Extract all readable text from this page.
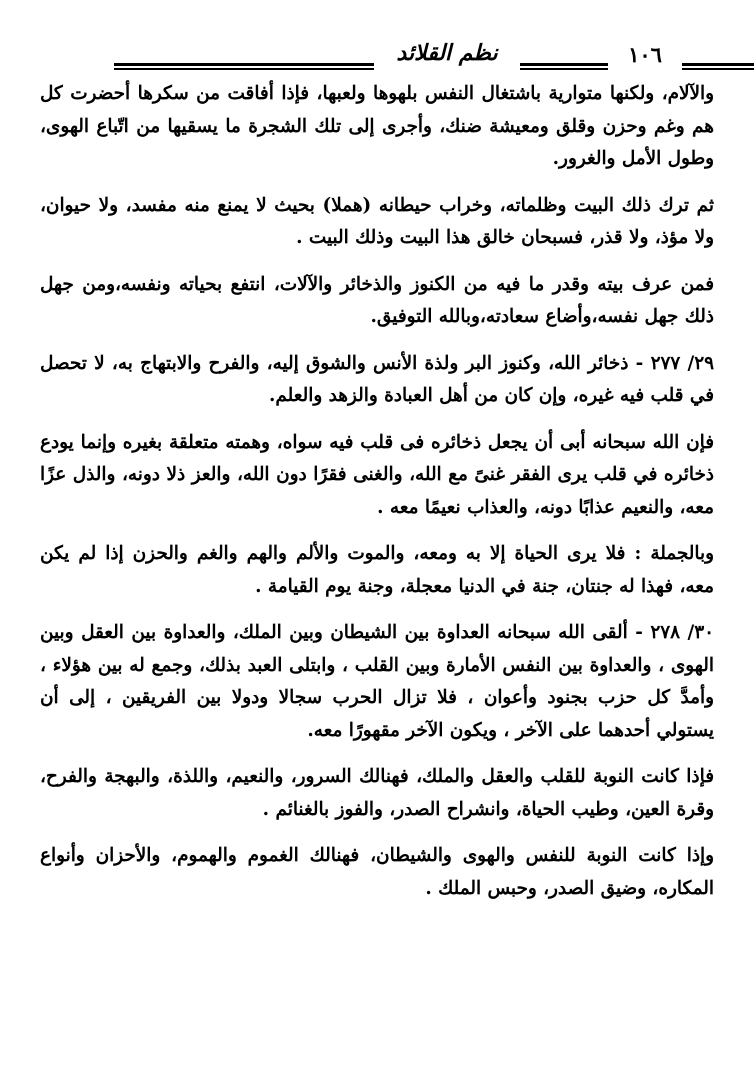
نظم القلائد	١٠٦

والآلام، ولكنها متوارية باشتغال النفس بلهوها ولعبها، فإذا أفاقت من سكرها أحضرت كل هم وغم وحزن وقلق ومعيشة ضنك، وأجرى إلى تلك الشجرة ما يسقيها من اتّباع الهوى، وطول الأمل والغرور.

ثم ترك ذلك البيت وظلماته، وخراب حيطانه (هملا) بحيث لا يمنع منه مفسد، ولا حيوان، ولا مؤذ، ولا قذر، فسبحان خالق هذا البيت وذلك البيت .

فمن عرف بيته وقدر ما فيه من الكنوز والذخائر والآلات، انتفع بحياته ونفسه،ومن جهل ذلك جهل نفسه،وأضاع سعادته،وبالله التوفيق.

٢٩/ ٢٧٧ - ذخائر الله، وكنوز البر ولذة الأنس والشوق إليه، والفرح والابتهاج به، لا تحصل في قلب فيه غيره، وإن كان من أهل العبادة والزهد والعلم.

فإن الله سبحانه أبى أن يجعل ذخائره فى قلب فيه سواه، وهمته متعلقة بغيره وإنما يودع ذخائره في قلب يرى الفقر غنىً مع الله، والغنى فقرًا دون الله، والعز ذلا دونه، والذل عزًا معه، والنعيم عذابًا دونه، والعذاب نعيمًا معه .

وبالجملة : فلا يرى الحياة إلا به ومعه، والموت والألم والهم والغم والحزن إذا لم يكن معه، فهذا له جنتان، جنة في الدنيا معجلة، وجنة يوم القيامة .

٣٠/ ٢٧٨ - ألقى الله سبحانه العداوة بين الشيطان وبين الملك، والعداوة بين العقل وبين الهوى ، والعداوة بين النفس الأمارة وبين القلب ، وابتلى العبد بذلك، وجمع له بين هؤلاء ، وأمدَّ كل حزب بجنود وأعوان ، فلا تزال الحرب سجالا ودولا بين الفريقين ، إلى أن يستولي أحدهما على الآخر ، ويكون الآخر مقهورًا معه.

فإذا كانت النوبة للقلب والعقل والملك، فهنالك السرور، والنعيم، واللذة، والبهجة والفرح، وقرة العين، وطيب الحياة، وانشراح الصدر، والفوز بالغنائم .

وإذا كانت النوبة للنفس والهوى والشيطان، فهنالك الغموم والهموم، والأحزان وأنواع المكاره، وضيق الصدر، وحبس الملك .
